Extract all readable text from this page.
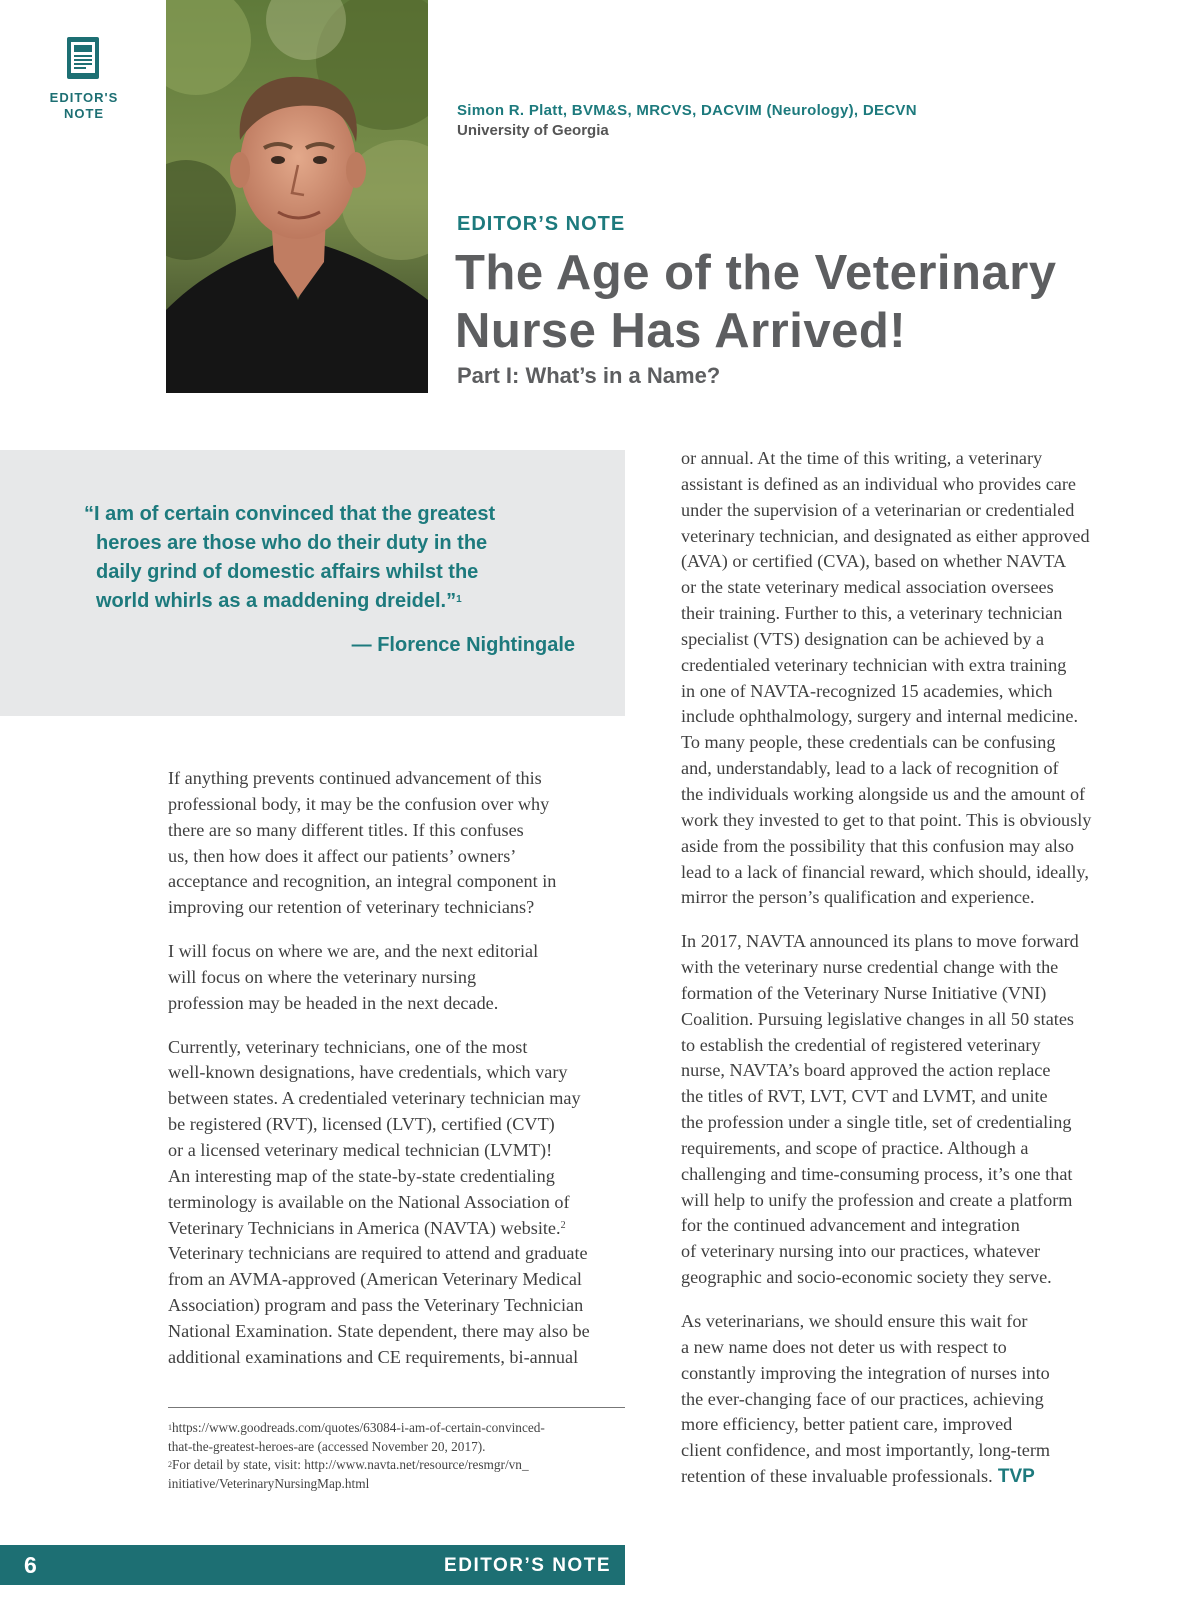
EDITOR'S
NOTE	Simon R. Platt, BVM&S, MRCVS, DACVIM (Neurology), DECVN
University of Georgia
EDITOR’S NOTE
The Age of the Veterinary
Nurse Has Arrived!
Part I: What’s in a Name?
“I am of certain convinced that the greatest
heroes are those who do their duty in the
daily grind of domestic affairs whilst the
world whirls as a maddening dreidel.”$^1$
— Florence Nightingale

If anything prevents continued advancement of this
professional body, it may be the confusion over why
there are so many different titles. If this confuses
us, then how does it affect our patients’ owners’
acceptance and recognition, an integral component in
improving our retention of veterinary technicians?

I will focus on where we are, and the next editorial
will focus on where the veterinary nursing
profession may be headed in the next decade.

Currently, veterinary technicians, one of the most
well-known designations, have credentials, which vary
between states. A credentialed veterinary technician may
be registered (RVT), licensed (LVT), certified (CVT)
or a licensed veterinary medical technician (LVMT)!
An interesting map of the state-by-state credentialing
terminology is available on the National Association of
Veterinary Technicians in America (NAVTA) website.$^2$
Veterinary technicians are required to attend and graduate
from an AVMA-approved (American Veterinary Medical
Association) program and pass the Veterinary Technician
National Examination. State dependent, there may also be
additional examinations and CE requirements, bi-annual

or annual. At the time of this writing, a veterinary
assistant is defined as an individual who provides care
under the supervision of a veterinarian or credentialed
veterinary technician, and designated as either approved
(AVA) or certified (CVA), based on whether NAVTA
or the state veterinary medical association oversees
their training. Further to this, a veterinary technician
specialist (VTS) designation can be achieved by a
credentialed veterinary technician with extra training
in one of NAVTA-recognized 15 academies, which
include ophthalmology, surgery and internal medicine.
To many people, these credentials can be confusing
and, understandably, lead to a lack of recognition of
the individuals working alongside us and the amount of
work they invested to get to that point. This is obviously
aside from the possibility that this confusion may also
lead to a lack of financial reward, which should, ideally,
mirror the person’s qualification and experience.

In 2017, NAVTA announced its plans to move forward
with the veterinary nurse credential change with the
formation of the Veterinary Nurse Initiative (VNI)
Coalition. Pursuing legislative changes in all 50 states
to establish the credential of registered veterinary
nurse, NAVTA’s board approved the action replace
the titles of RVT, LVT, CVT and LVMT, and unite
the profession under a single title, set of credentialing
requirements, and scope of practice. Although a
challenging and time-consuming process, it’s one that
will help to unify the profession and create a platform
for the continued advancement and integration
of veterinary nursing into our practices, whatever
geographic and socio-economic society they serve.

As veterinarians, we should ensure this wait for
a new name does not deter us with respect to
constantly improving the integration of nurses into
the ever-changing face of our practices, achieving
more efficiency, better patient care, improved
client confidence, and most importantly, long-term
retention of these invaluable professionals. TVP

$^1$https://www.goodreads.com/quotes/63084-i-am-of-certain-convinced-
that-the-greatest-heroes-are (accessed November 20, 2017).
$^2$For detail by state, visit: http://www.navta.net/resource/resmgr/vn_
initiative/VeterinaryNursingMap.html
6	EDITOR’S NOTE
